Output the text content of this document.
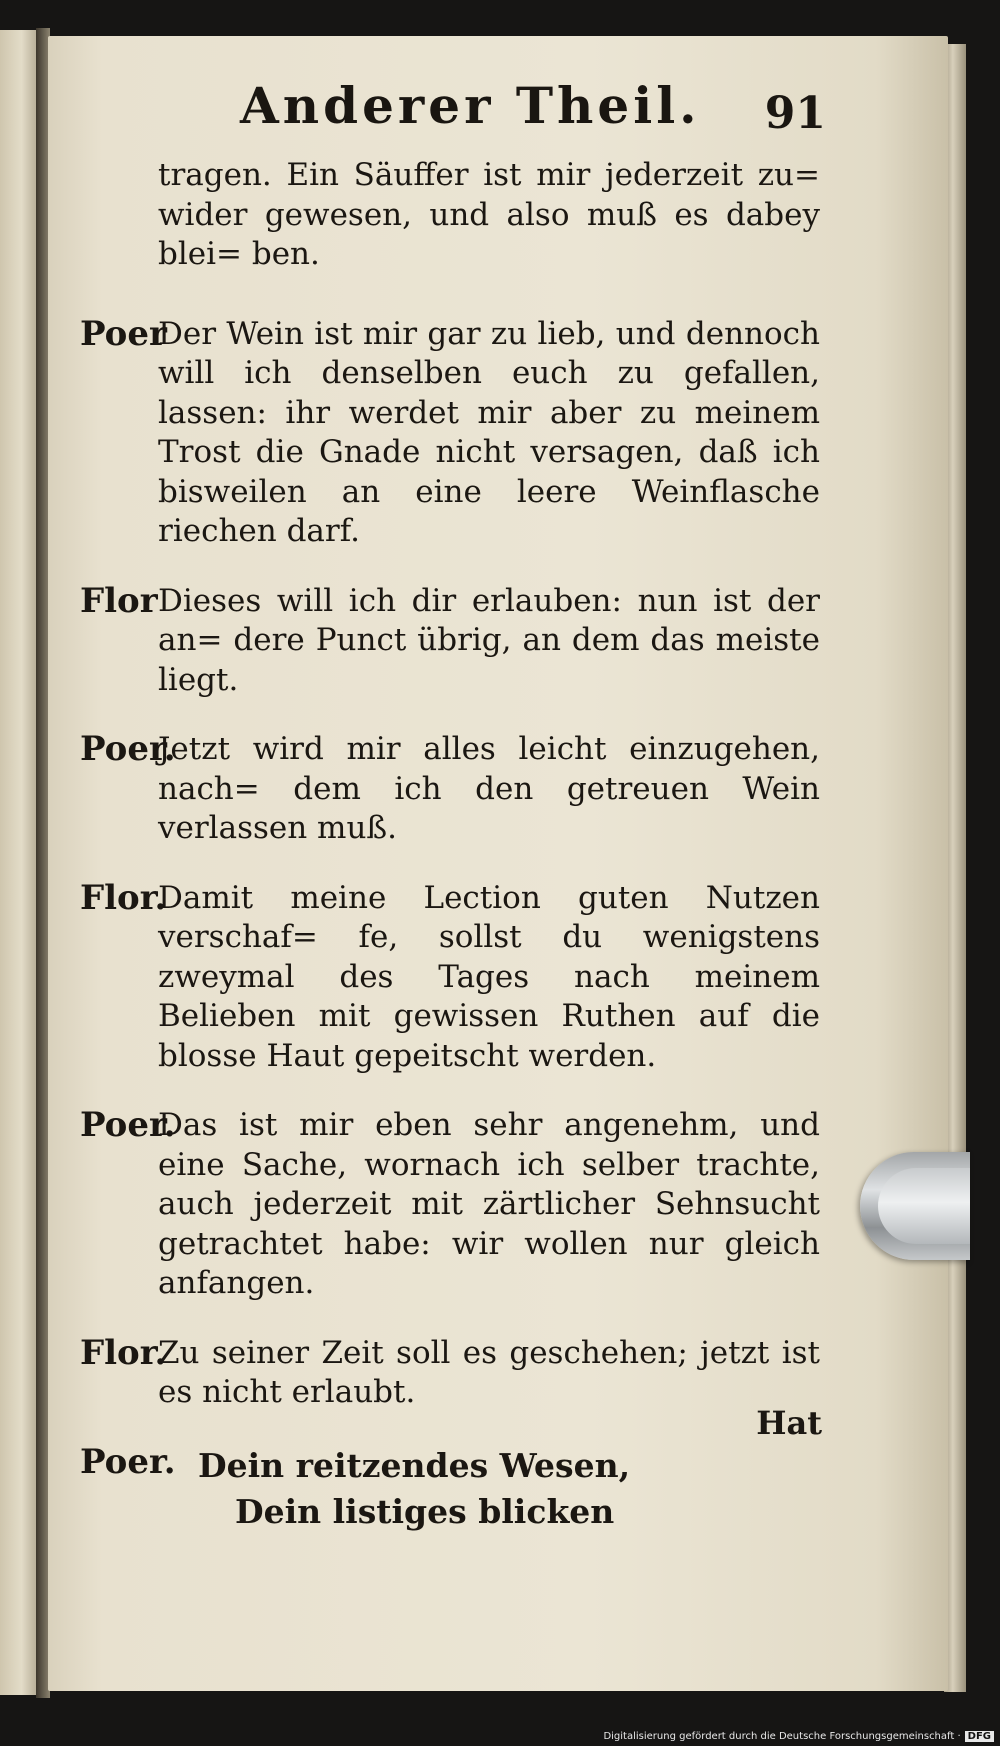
Anderer Theil. 91
tragen. Ein Säuffer ist mir jederzeit zu= wider gewesen, und also muß es dabey blei= ben.
Poer
Der Wein ist mir gar zu lieb, und dennoch will ich denselben euch zu gefallen, lassen: ihr werdet mir aber zu meinem Trost die Gnade nicht versagen, daß ich bisweilen an eine leere Weinflasche riechen darf.
Flor Dieses will ich dir erlauben: nun ist der an= dere Punct übrig, an dem das meiste liegt.
Poer.
Jetzt wird mir alles leicht einzugehen, nach= dem ich den getreuen Wein verlassen muß.
Flor.
Damit meine Lection guten Nutzen verschaf= fe, sollst du wenigstens zweymal des Tages nach meinem Belieben mit gewissen Ruthen auf die blosse Haut gepeitscht werden.
Poer.
Das ist mir eben sehr angenehm, und eine Sache, wornach ich selber trachte, auch jederzeit mit zärtlicher Sehnsucht getrachtet habe: wir wollen nur gleich anfangen.
Flor.
Zu seiner Zeit soll es geschehen; jetzt ist es nicht erlaubt.
Poer. Dein reitzendes Wesen,
Dein listiges blicken
Hat
Digitalisierung gefördert durch die Deutsche Forschungsgemeinschaft · DFG
